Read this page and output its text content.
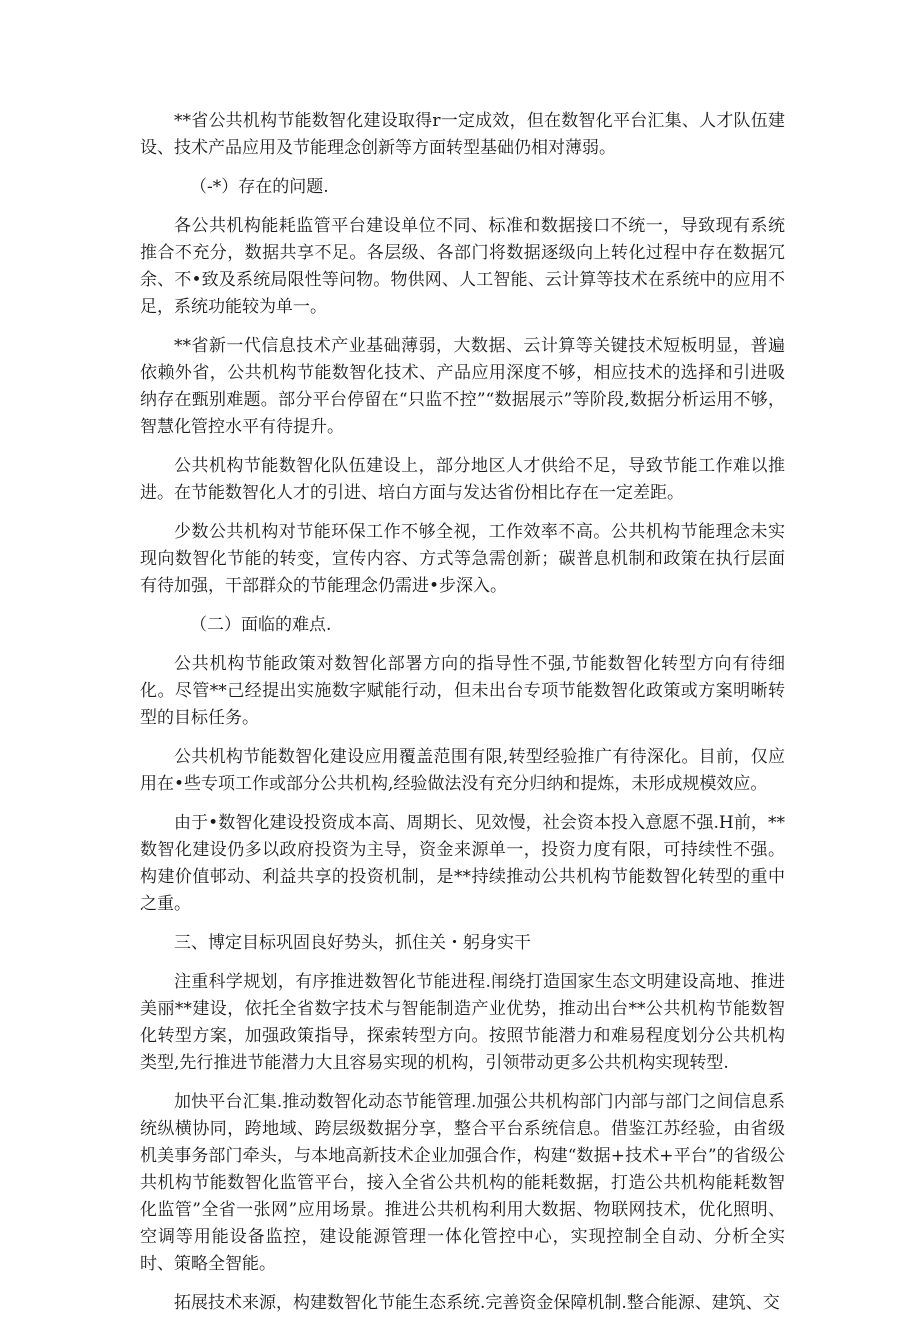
**省公共机构节能数智化建设取得r一定成效，但在数智化平台汇集、人才队伍建设、技术产品应用及节能理念创新等方面转型基础仍相对薄弱。

（-*）存在的问题.

各公共机构能耗监管平台建设单位不同、标准和数据接口不统一，导致现有系统推合不充分，数据共享不足。各层级、各部门将数据逐级向上转化过程中存在数据冗余、不•致及系统局限性等问物。物供网、人工智能、云计算等技术在系统中的应用不足，系统功能较为单一。

**省新一代信息技术产业基础薄弱，大数据、云计算等关键技术短板明显，普遍依赖外省，公共机构节能数智化技术、产品应用深度不够，相应技术的选择和引进吸纳存在甄别难题。部分平台停留在“只监不控”“数据展示”等阶段,数据分析运用不够，智慧化管控水平有待提升。

公共机构节能数智化队伍建设上，部分地区人才供给不足，导致节能工作难以推进。在节能数智化人才的引进、培白方面与发达省份相比存在一定差距。

少数公共机构对节能环保工作不够全视，工作效率不高。公共机构节能理念未实现向数智化节能的转变，宣传内容、方式等急需创新；碳普息机制和政策在执行层面有待加强，干部群众的节能理念仍需进•步深入。

（二）面临的难点.

公共机构节能政策对数智化部署方向的指导性不强,节能数智化转型方向有待细化。尽管**己经提出实施数字赋能行动，但未出台专项节能数智化政策或方案明晰转型的目标任务。

公共机构节能数智化建设应用覆盖范围有限,转型经验推广有待深化。目前，仅应用在•些专项工作或部分公共机构,经验做法没有充分归纳和提炼，未形成规模效应。

由于•数智化建设投资成本高、周期长、见效慢，社会资本投入意愿不强.H前，**数智化建设仍多以政府投资为主导，资金来源单一，投资力度有限，可持续性不强。构建价值邨动、利益共享的投资机制，是**持续推动公共机构节能数智化转型的重中之重。

三、博定目标巩固良好势头，抓住关・躬身实干

注重科学规划，有序推进数智化节能进程.闱绕打造国家生态文明建设高地、推进美丽**建设，依托全省数字技术与智能制造产业优势，推动出台**公共机构节能数智化转型方案，加强政策指导，探索转型方向。按照节能潜力和难易程度划分公共机构类型,先行推进节能潜力大且容易实现的机构，引领带动更多公共机构实现转型.

加快平台汇集.推动数智化动态节能管理.加强公共机构部门内部与部门之间信息系统纵横协同，跨地域、跨层级数据分享，整合平台系统信息。借鉴江苏经验，由省级机美事务部门牵头，与本地高新技术企业加强合作，构建“数据+技术+平台”的省级公共机构节能数智化监管平台，接入全省公共机构的能耗数据，打造公共机构能耗数智化监管”全省一张网”应用场景。推进公共机构利用大数据、物联网技术，优化照明、空调等用能设备监控，建设能源管理一体化管控中心，实现控制全自动、分析全实时、策略全智能。

拓展技术来源，构建数智化节能生态系统.完善资金保障机制.整合能源、建筑、交
